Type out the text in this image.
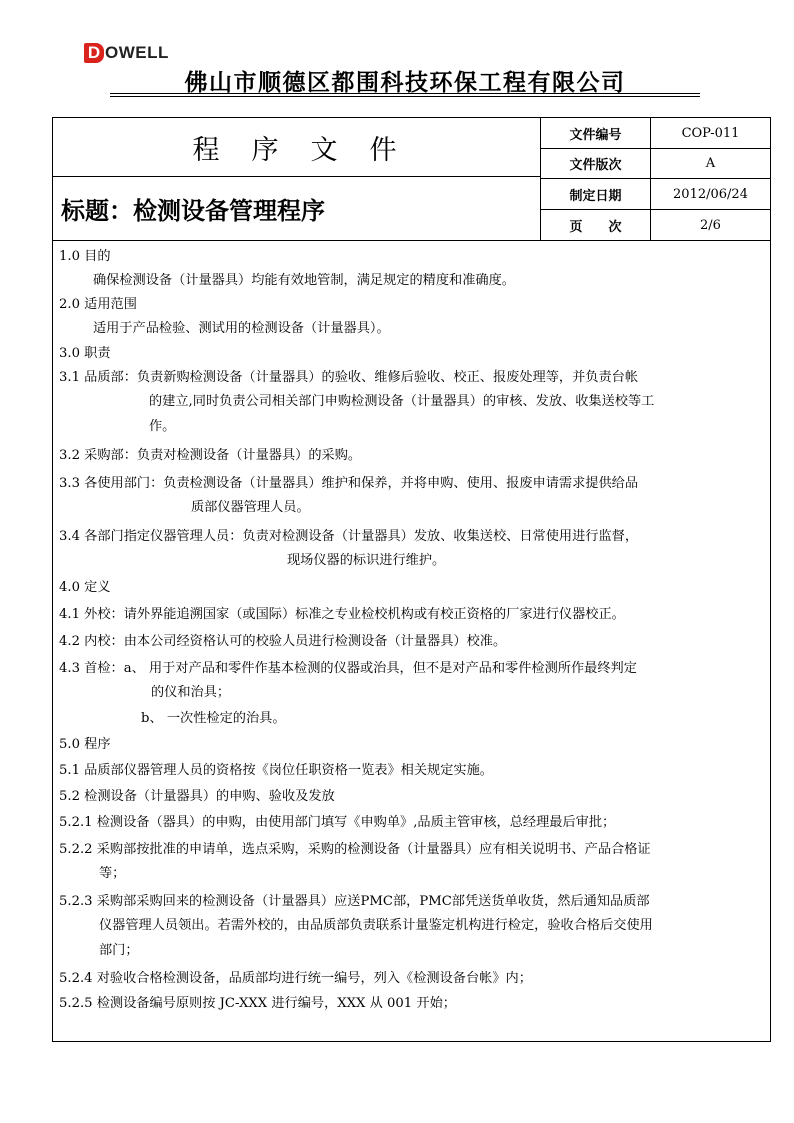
D OWELL
佛山市顺德区都围科技环保工程有限公司
程序文件
标题：检测设备管理程序
文件编号	COP-011
文件版次	A
制定日期	2012/06/24
页　　次	2/6
1.0 目的
确保检测设备（计量器具）均能有效地管制，满足规定的精度和准确度。
2.0 适用范围
适用于产品检验、测试用的检测设备（计量器具）。
3.0 职责
3.1 品质部：负责新购检测设备（计量器具）的验收、维修后验收、校正、报废处理等，并负责台帐
的建立,同时负责公司相关部门申购检测设备（计量器具）的审核、发放、收集送校等工
作。
3.2 采购部：负责对检测设备（计量器具）的采购。
3.3 各使用部门：负责检测设备（计量器具）维护和保养，并将申购、使用、报废申请需求提供给品
质部仪器管理人员。
3.4 各部门指定仪器管理人员：负责对检测设备（计量器具）发放、收集送校、日常使用进行监督，
现场仪器的标识进行维护。
4.0 定义
4.1 外校：请外界能追溯国家（或国际）标准之专业检校机构或有校正资格的厂家进行仪器校正。
4.2 内校：由本公司经资格认可的校验人员进行检测设备（计量器具）校准。
4.3 首检：a、 用于对产品和零件作基本检测的仪器或治具，但不是对产品和零件检测所作最终判定
的仪和治具；
b、 一次性检定的治具。
5.0 程序
5.1 品质部仪器管理人员的资格按《岗位任职资格一览表》相关规定实施。
5.2 检测设备（计量器具）的申购、验收及发放
5.2.1 检测设备（器具）的申购，由使用部门填写《申购单》,品质主管审核，总经理最后审批；
5.2.2 采购部按批准的申请单，选点采购，采购的检测设备（计量器具）应有相关说明书、产品合格证
等；
5.2.3 采购部采购回来的检测设备（计量器具）应送PMC部，PMC部凭送货单收货，然后通知品质部
仪器管理人员领出。若需外校的，由品质部负责联系计量鉴定机构进行检定，验收合格后交使用
部门；
5.2.4 对验收合格检测设备，品质部均进行统一编号，列入《检测设备台帐》内；
5.2.5 检测设备编号原则按 JC-XXX 进行编号，XXX 从 001 开始；
